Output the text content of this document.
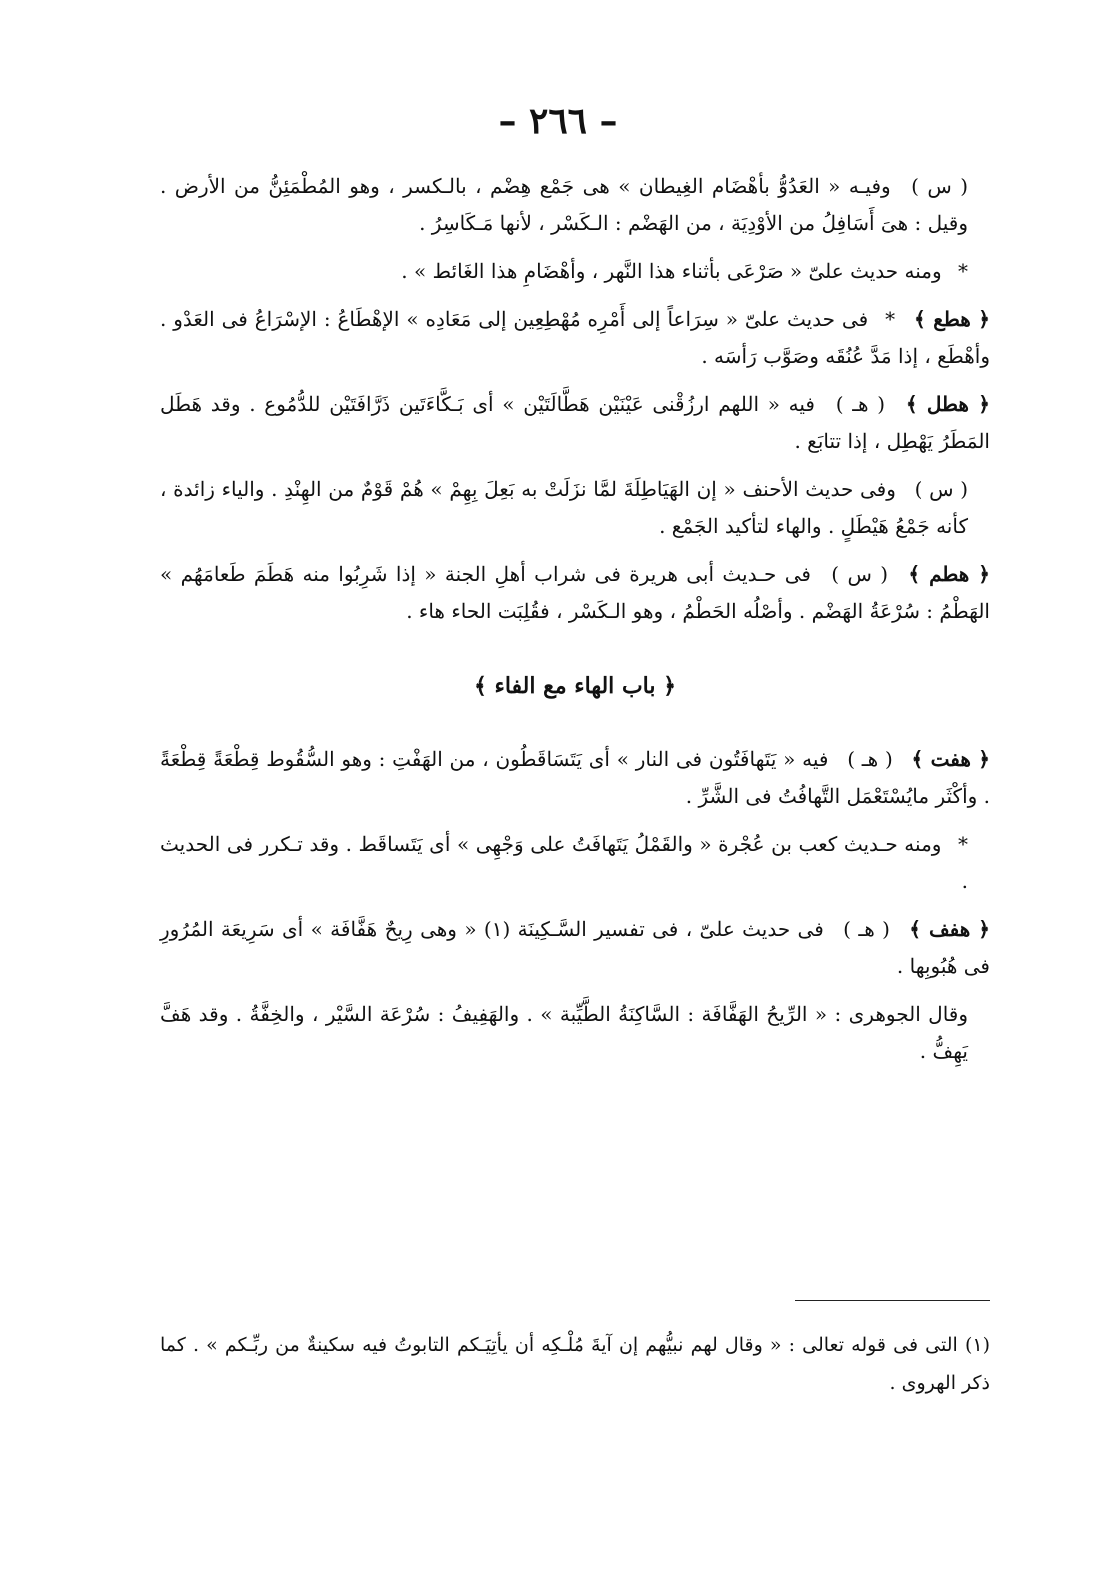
– ٢٦٦ –

( س ) وفيـه « العَدُوُّ بأهْضَام الغِيطان » هى جَمْع هِضْم ، بالـكسر ، وهو المُطْمَئِنُّ من الأرض . وقيل : هىَ أَسَافِلُ من الأوْدِيَة ، من الهَضْم : الـكَسْر ، لأنها مَـكَاسِرُ .

* ومنه حديث علىّ « صَرْعَى بأثناء هذا النَّهر ، وأهْضَامِ هذا الغَائط » .

﴿ هطع ﴾ * فى حديث علىّ « سِرَاعاً إلى أَمْرِه مُهْطِعِين إلى مَعَادِه » الإهْطَاعُ : الإسْرَاعُ فى العَدْو . وأهْطَع ، إذا مَدَّ عُنُقَه وصَوَّب رَأسَه .

﴿ هطل ﴾ ( هـ ) فيه « اللهم ارزُقْنى عَيْنَيْن هَطَّالَتَيْن » أى بَـكَّاءَتَين ذَرَّافَتَيْن للدُّمُوع . وقد هَطَل المَطَرُ يَهْطِل ، إذا تتابَع .

( س ) وفى حديث الأحنف « إن الهَيَاطِلَةَ لمَّا نزَلَتْ به بَعِلَ بِهِمْ » هُمْ قَوْمٌ من الهِنْدِ . والياء زائدة ، كأنه جَمْعُ هَيْطَلٍ . والهاء لتأكيد الجَمْع .

﴿ هطم ﴾ ( س ) فى حـديث أبى هريرة فى شراب أهلِ الجنة « إذا شَرِبُوا منه هَطَمَ طَعامَهُم » الهَطْمُ : سُرْعَةُ الهَضْم . وأصْلُه الحَطْمُ ، وهو الـكَسْر ، فقُلِبَت الحاء هاء .

﴿ باب الهاء مع الفاء ﴾

﴿ هفت ﴾ ( هـ ) فيه « يَتَهافَتُون فى النار » أى يَتَسَاقَطُون ، من الهَفْتِ : وهو السُّقُوط قِطْعَةً قِطْعَةً . وأكْثَر مايُسْتَعْمَل التَّهافُتُ فى الشَّرِّ .

* ومنه حـديث كعب بن عُجْرة « والقَمْلُ يَتَهافَتُ على وَجْهِى » أى يَتَساقَط . وقد تـكرر فى الحديث .

﴿ هفف ﴾ ( هـ ) فى حديث علىّ ، فى تفسير السَّـكِينَة (١) « وهى رِيحٌ هَفَّافَة » أى سَرِيعَة المُرُورِ فى هُبُوبِها .

وقال الجوهرى : « الرِّيحُ الهَفَّافَة : السَّاكِنَةُ الطَّيِّبة » . والهَفِيفُ : سُرْعَة السَّيْر ، والخِفَّةُ . وقد هَفَّ يَهِفُّ .

(١) التى فى قوله تعالى : « وقال لهم نبيُّهم إن آيةَ مُلْـكِه أن يأتِيَـكم التابوتُ فيه سكينةٌ من ربِّـكم » . كما ذكر الهروى .
